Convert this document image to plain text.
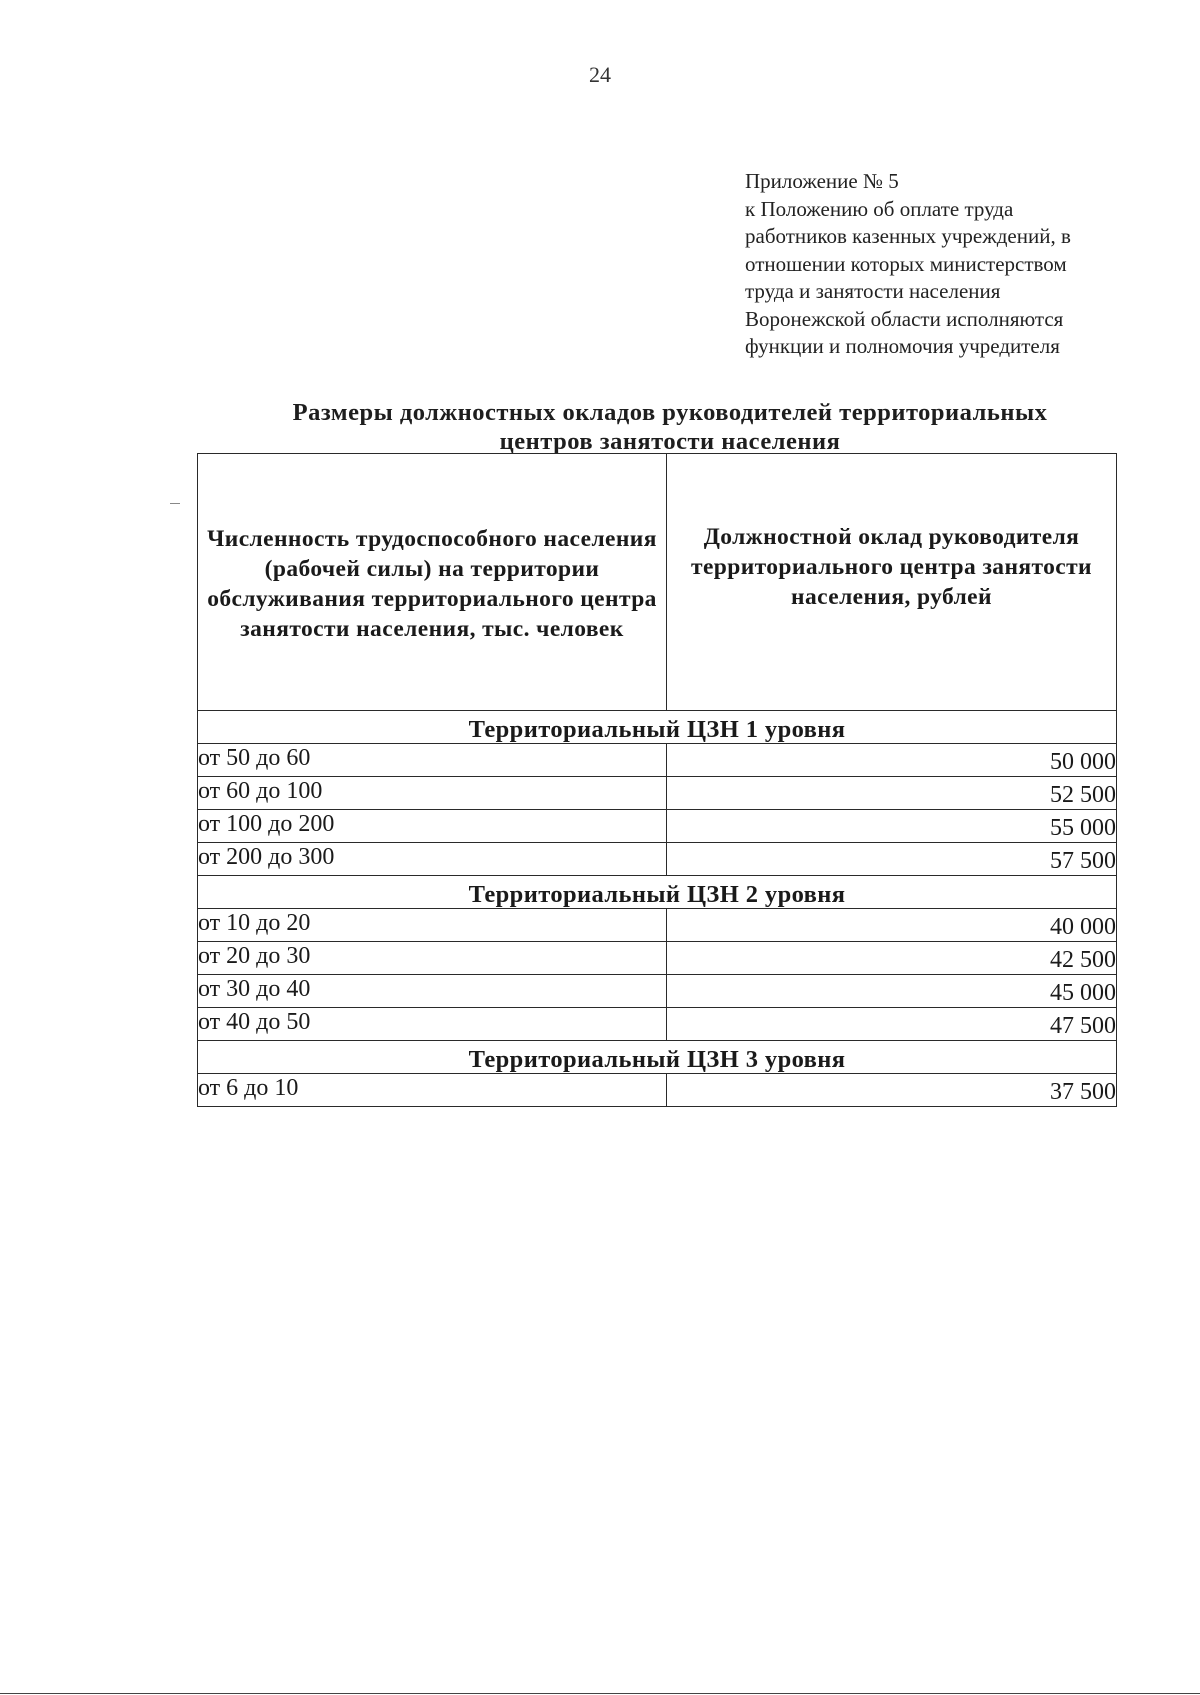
24
Приложение № 5
к Положению об оплате труда
работников казенных учреждений, в
отношении которых министерством
труда и занятости населения
Воронежской области исполняются
функции и полномочия учредителя
Размеры должностных окладов руководителей территориальных
центров занятости населения
Численность трудоспособного населения (рабочей силы) на территории обслуживания территориального центра занятости населения, тыс. человек	Должностной оклад руководителя территориального центра занятости населения, рублей
Территориальный ЦЗН 1 уровня	
от 50 до 60	50 000
от 60 до 100	52 500
от 100 до 200	55 000
от 200 до 300	57 500
Территориальный ЦЗН 2 уровня	
от 10 до 20	40 000
от 20 до 30	42 500
от 30 до 40	45 000
от 40 до 50	47 500
Территориальный ЦЗН 3 уровня	
от 6 до 10	37 500
